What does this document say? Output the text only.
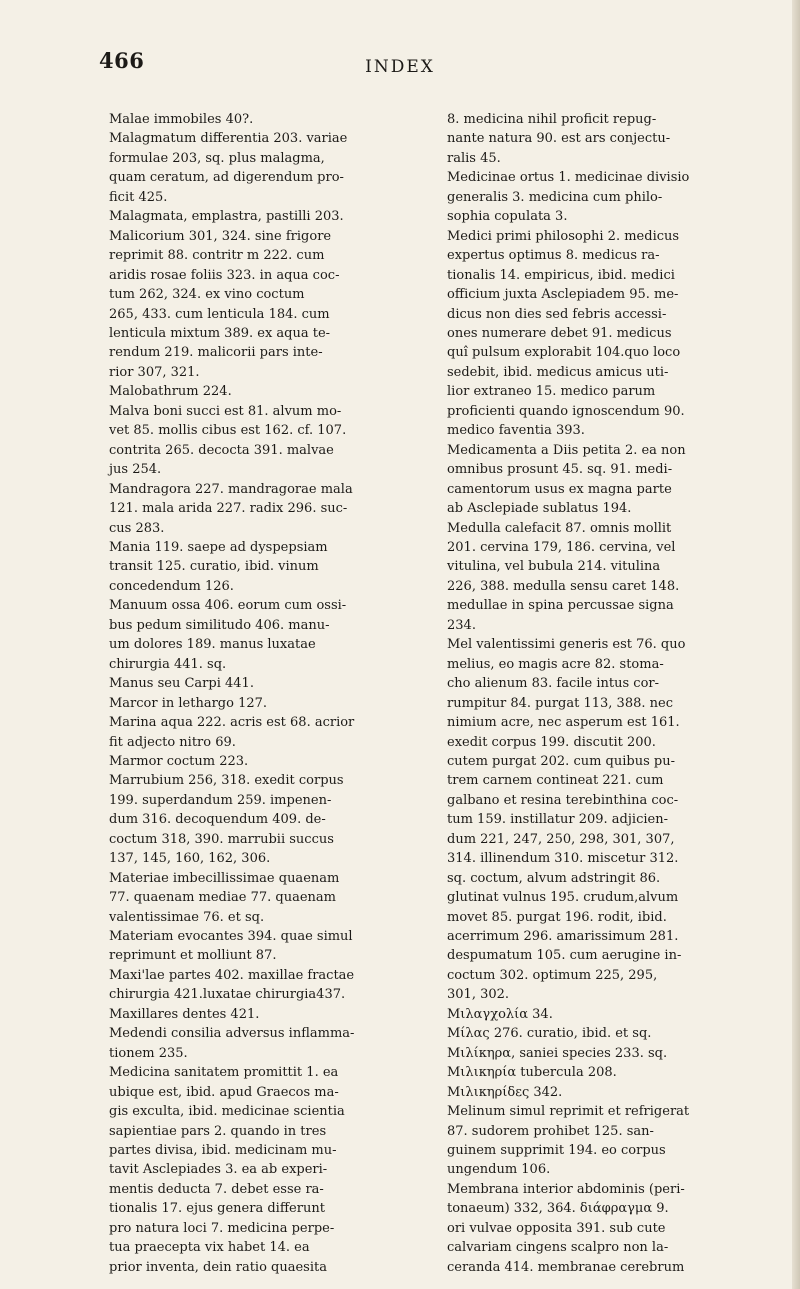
466	INDEX
Malae immobiles 40?.
Malagmatum differentia 203. variae
formulae 203, sq. plus malagma,
quam ceratum, ad digerendum pro-
ficit 425.
Malagmata, emplastra, pastilli 203.
Malicorium 301, 324. sine frigore
reprimit 88. contritr m 222. cum
aridis rosae foliis 323. in aqua coc-
tum 262, 324. ex vino coctum
265, 433. cum lenticula 184. cum
lenticula mixtum 389. ex aqua te-
rendum 219. malicorii pars inte-
rior 307, 321.
Malobathrum 224.
Malva boni succi est 81. alvum mo-
vet 85. mollis cibus est 162. cf. 107.
contrita 265. decocta 391. malvae
jus 254.
Mandragora 227. mandragorae mala
121. mala arida 227. radix 296. suc-
cus 283.
Mania 119. saepe ad dyspepsiam
transit 125. curatio, ibid. vinum
concedendum 126.
Manuum ossa 406. eorum cum ossi-
bus pedum similitudo 406. manu-
um dolores 189. manus luxatae
chirurgia 441. sq.
Manus seu Carpi 441.
Marcor in lethargo 127.
Marina aqua 222. acris est 68. acrior
fit adjecto nitro 69.
Marmor coctum 223.
Marrubium 256, 318. exedit corpus
199. superdandum 259. impenen-
dum 316. decoquendum 409. de-
coctum 318, 390. marrubii succus
137, 145, 160, 162, 306.
Materiae imbecillissimae quaenam
77. quaenam mediae 77. quaenam
valentissimae 76. et sq.
Materiam evocantes 394. quae simul
reprimunt et molliunt 87.
Maxi'lae partes 402. maxillae fractae
chirurgia 421.luxatae chirurgia437.
Maxillares dentes 421.
Medendi consilia adversus inflamma-
tionem 235.
Medicina sanitatem promittit 1. ea
ubique est, ibid. apud Graecos ma-
gis exculta, ibid. medicinae scientia
sapientiae pars 2. quando in tres
partes divisa, ibid. medicinam mu-
tavit Asclepiades 3. ea ab experi-
mentis deducta 7. debet esse ra-
tionalis 17. ejus genera differunt
pro natura loci 7. medicina perpe-
tua praecepta vix habet 14. ea
prior inventa, dein ratio quaesita
8. medicina nihil proficit repug-
nante natura 90. est ars conjectu-
ralis 45.
Medicinae ortus 1. medicinae divisio
generalis 3. medicina cum philo-
sophia copulata 3.
Medici primi philosophi 2. medicus
expertus optimus 8. medicus ra-
tionalis 14. empiricus, ibid. medici
officium juxta Asclepiadem 95. me-
dicus non dies sed febris accessi-
ones numerare debet 91. medicus
quî pulsum explorabit 104.quo loco
sedebit, ibid. medicus amicus uti-
lior extraneo 15. medico parum
proficienti quando ignoscendum 90.
medico faventia 393.
Medicamenta a Diis petita 2. ea non
omnibus prosunt 45. sq. 91. medi-
camentorum usus ex magna parte
ab Asclepiade sublatus 194.
Medulla calefacit 87. omnis mollit
201. cervina 179, 186. cervina, vel
vitulina, vel bubula 214. vitulina
226, 388. medulla sensu caret 148.
medullae in spina percussae signa
234.
Mel valentissimi generis est 76. quo
melius, eo magis acre 82. stoma-
cho alienum 83. facile intus cor-
rumpitur 84. purgat 113, 388. nec
nimium acre, nec asperum est 161.
exedit corpus 199. discutit 200.
cutem purgat 202. cum quibus pu-
trem carnem contineat 221. cum
galbano et resina terebinthina coc-
tum 159. instillatur 209. adjicien-
dum 221, 247, 250, 298, 301, 307,
314. illinendum 310. miscetur 312.
sq. coctum, alvum adstringit 86.
glutinat vulnus 195. crudum,alvum
movet 85. purgat 196. rodit, ibid.
acerrimum 296. amarissimum 281.
despumatum 105. cum aerugine in-
coctum 302. optimum 225, 295,
301, 302.
Μιλαγχολία 34.
Μίλας 276. curatio, ibid. et sq.
Μιλίκηρα, saniei species 233. sq.
Μιλικηρία tubercula 208.
Μιλικηρίδες 342.
Melinum simul reprimit et refrigerat
87. sudorem prohibet 125. san-
guinem supprimit 194. eo corpus
ungendum 106.
Membrana interior abdominis (peri-
tonaeum) 332, 364. διάφραγμα 9.
ori vulvae opposita 391. sub cute
calvariam cingens scalpro non la-
ceranda 414. membranae cerebrum
